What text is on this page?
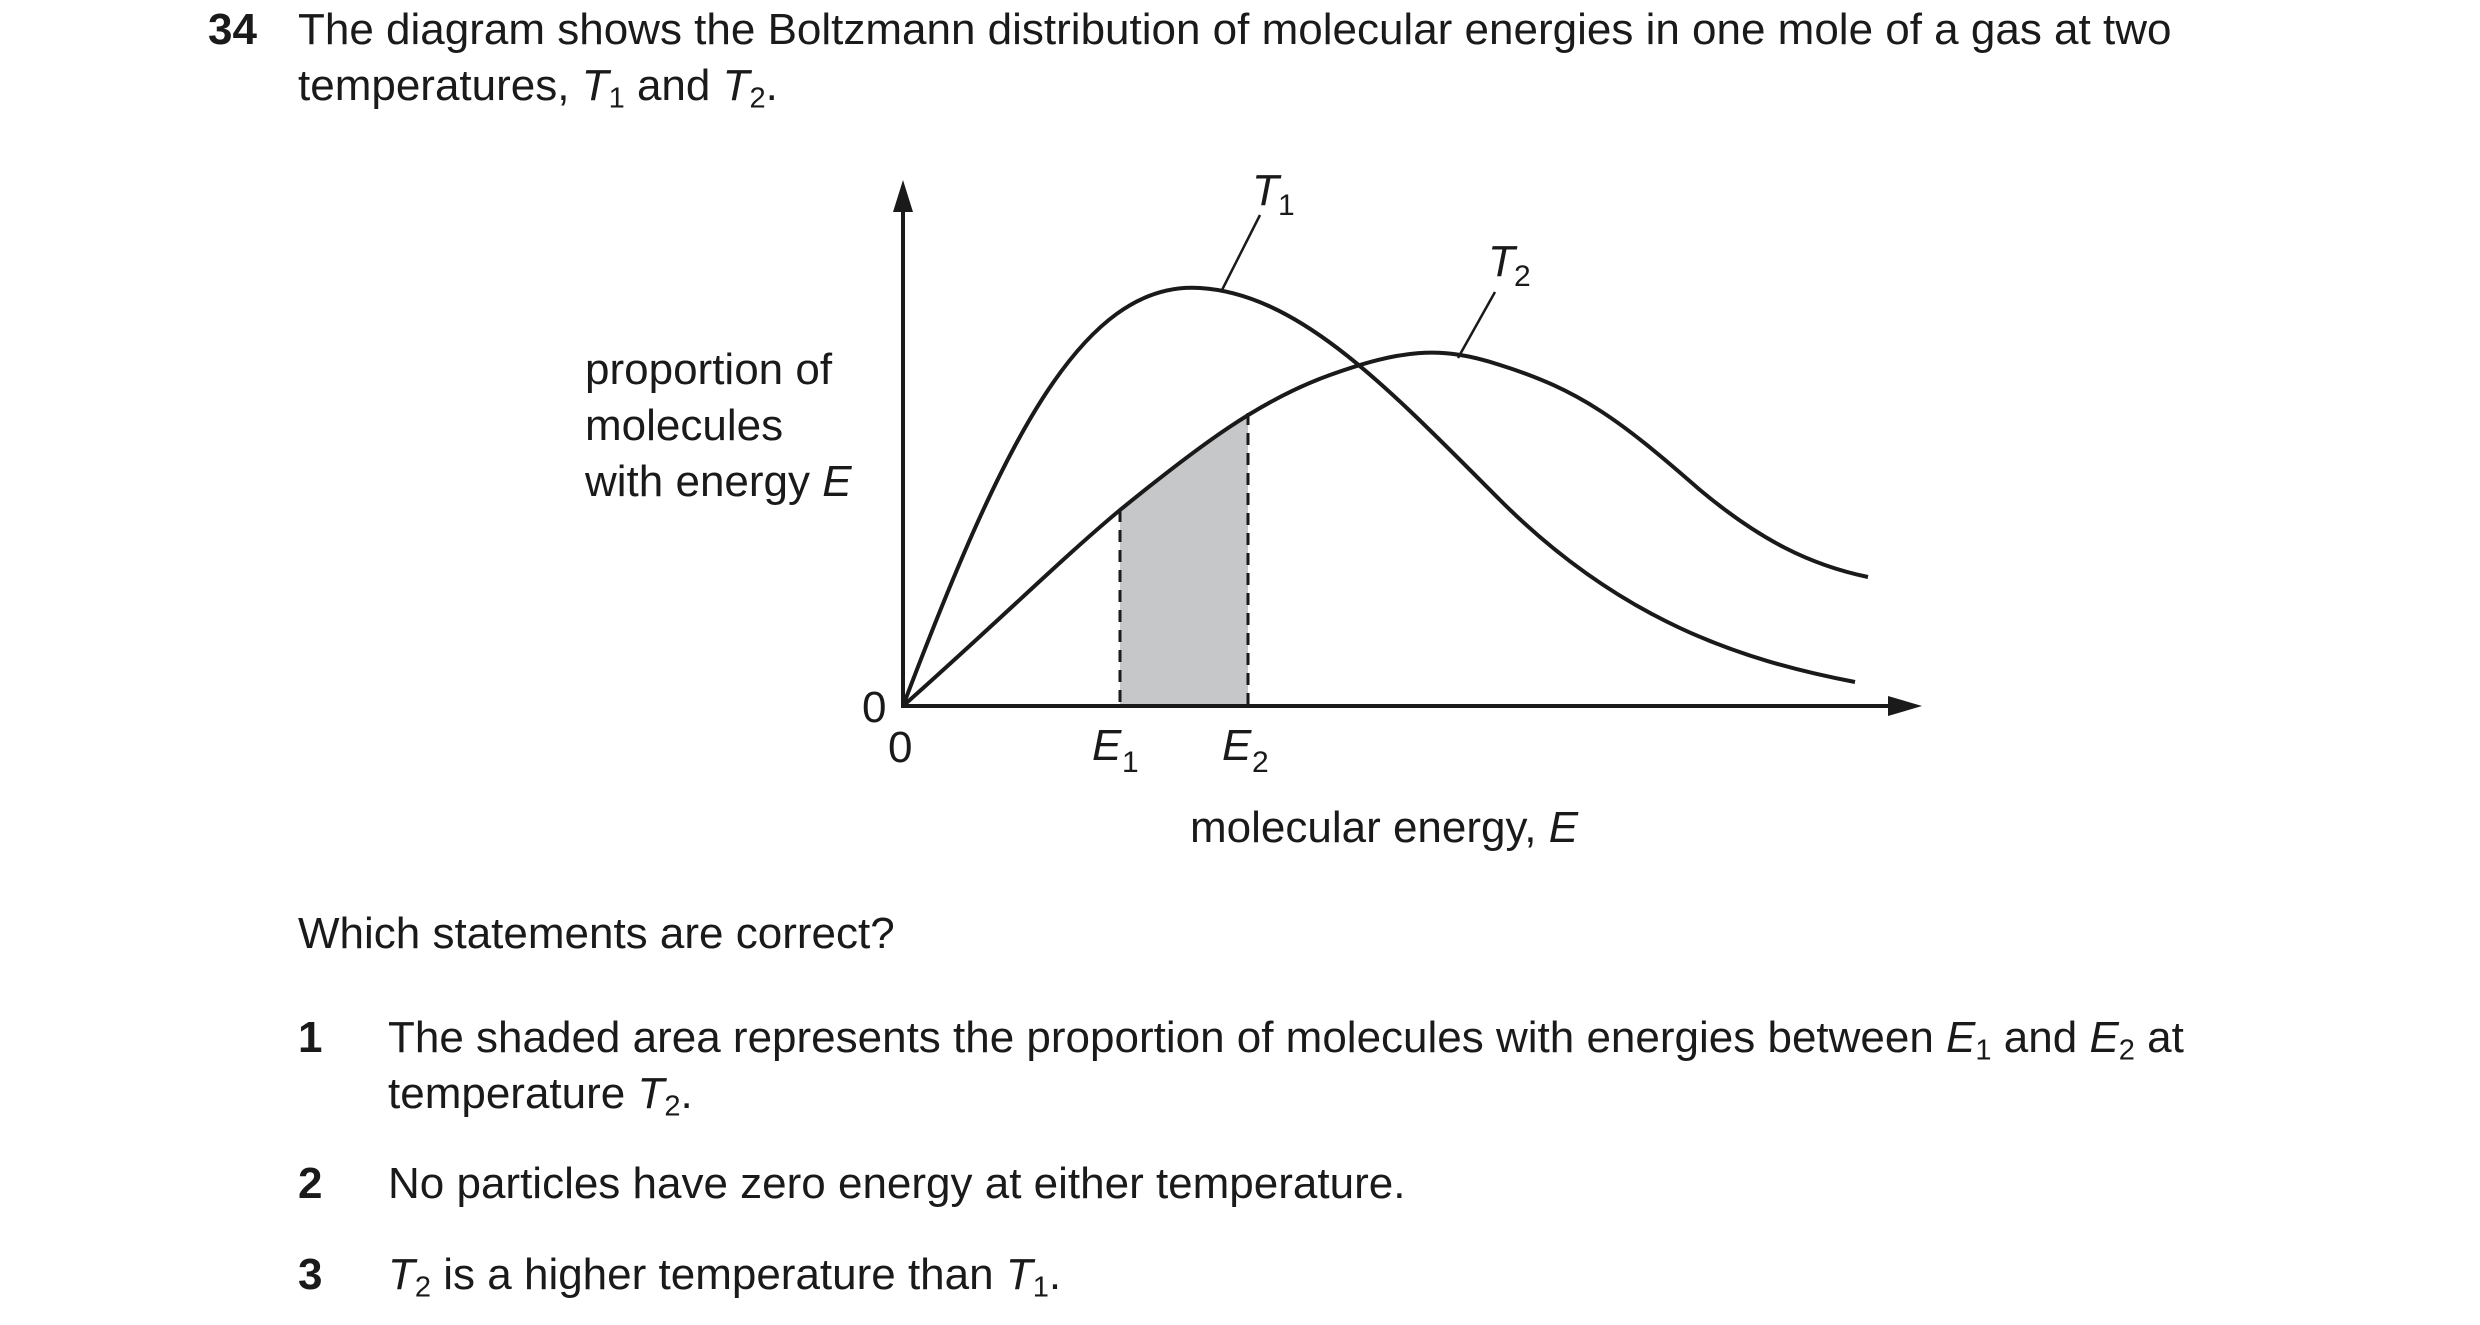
34 The diagram shows the Boltzmann distribution of molecular energies in one mole of a gas at two temperatures, $T_1$ and $T_2$.
T 1
T 2
proportion of
molecules
with energy E
0
0	E 1 E 2
molecular energy, E
Which statements are correct?
1 The shaded area represents the proportion of molecules with energies between $E_1$ and $E_2$ at temperature $T_2$.
2 No particles have zero energy at either temperature.
3 $T_2$ is a higher temperature than $T_1$.
